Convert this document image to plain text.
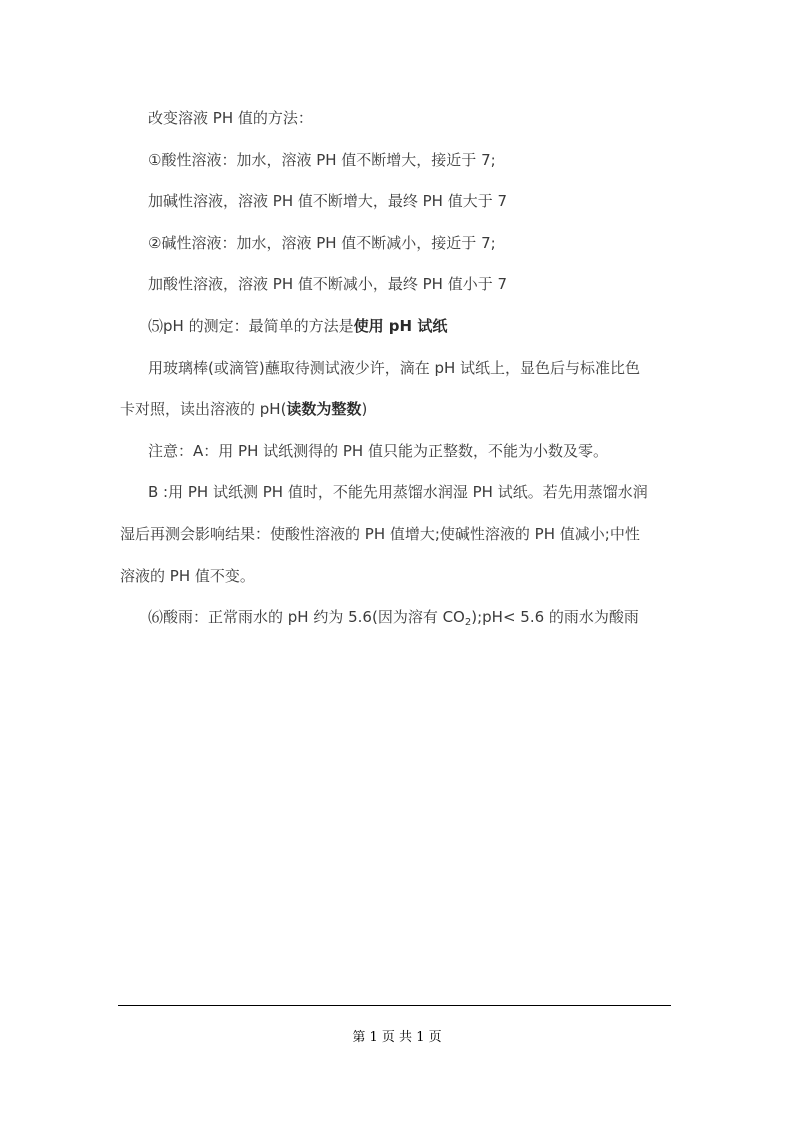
改变溶液 PH 值的方法：
①酸性溶液：加水，溶液 PH 值不断增大，接近于 7;
加碱性溶液，溶液 PH 值不断增大，最终 PH 值大于 7
②碱性溶液：加水，溶液 PH 值不断减小，接近于 7;
加酸性溶液，溶液 PH 值不断减小，最终 PH 值小于 7
⑸pH 的测定：最简单的方法是使用 pH 试纸
用玻璃棒(或滴管)蘸取待测试液少许，滴在 pH 试纸上，显色后与标准比色
卡对照，读出溶液的 pH(读数为整数)
注意：A：用 PH 试纸测得的 PH 值只能为正整数，不能为小数及零。
B :用 PH 试纸测 PH 值时，不能先用蒸馏水润湿 PH 试纸。若先用蒸馏水润
湿后再测会影响结果：使酸性溶液的 PH 值增大;使碱性溶液的 PH 值减小;中性
溶液的 PH 值不变。
⑹酸雨：正常雨水的 pH 约为 5.6(因为溶有 $CO_2);pH< 5.6$ 的雨水为酸雨
第 1 页 共 1 页
